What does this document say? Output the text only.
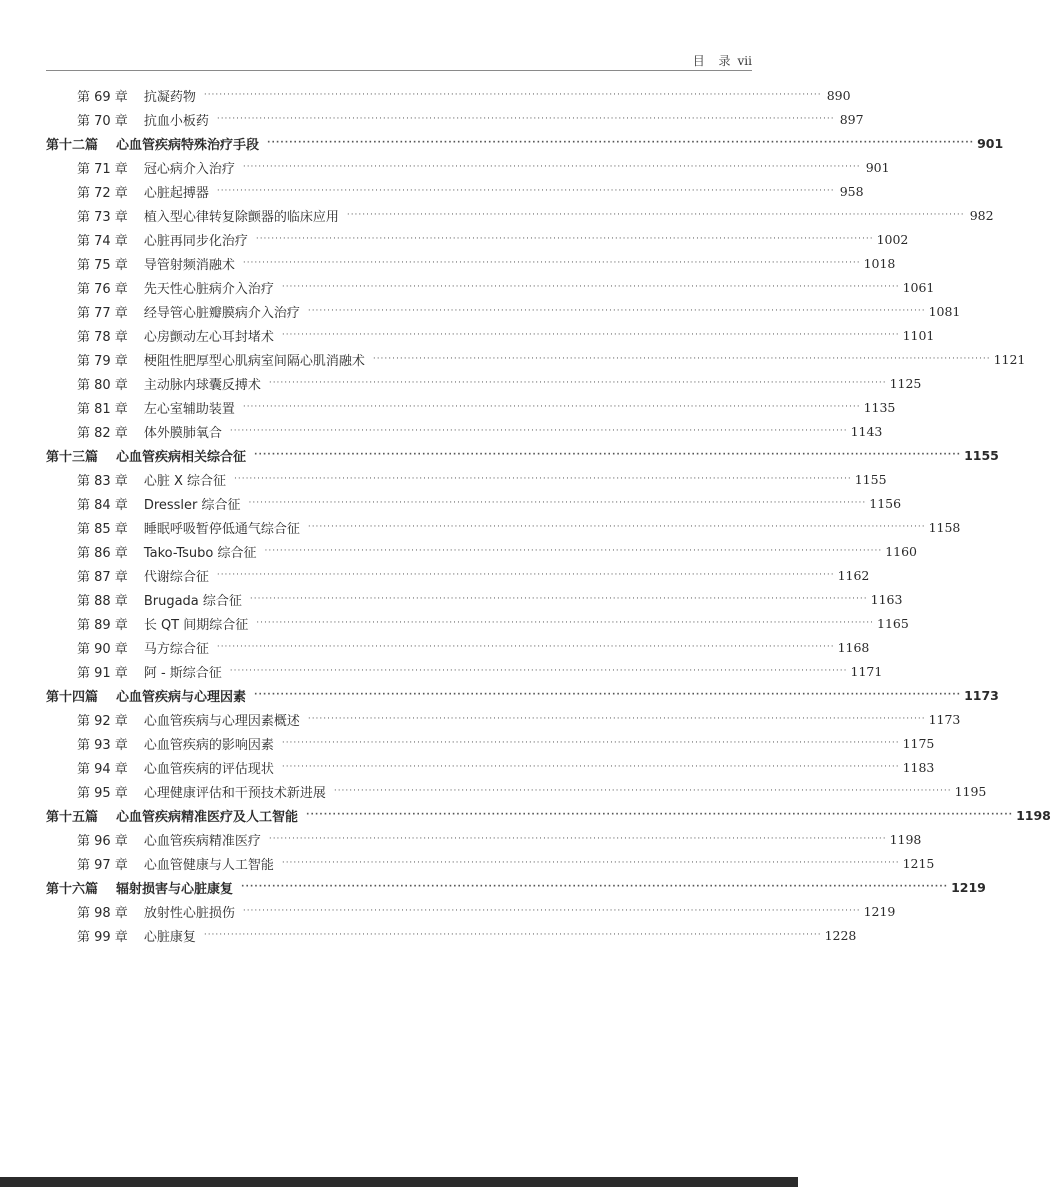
目 录 vii
第 69 章 抗凝药物 ································································································································································ 890
第 70 章 抗血小板药 ································································································································································ 897
第十二篇 心血管疾病特殊治疗手段 ································································································································································ 901
第 71 章 冠心病介入治疗 ································································································································································ 901
第 72 章 心脏起搏器 ································································································································································ 958
第 73 章 植入型心律转复除颤器的临床应用 ································································································································································ 982
第 74 章 心脏再同步化治疗 ································································································································································ 1002
第 75 章 导管射频消融术 ································································································································································ 1018
第 76 章 先天性心脏病介入治疗 ································································································································································ 1061
第 77 章 经导管心脏瓣膜病介入治疗 ································································································································································ 1081
第 78 章 心房颤动左心耳封堵术 ································································································································································ 1101
第 79 章 梗阻性肥厚型心肌病室间隔心肌消融术 ································································································································································ 1121
第 80 章 主动脉内球囊反搏术 ································································································································································ 1125
第 81 章 左心室辅助装置 ································································································································································ 1135
第 82 章 体外膜肺氧合 ································································································································································ 1143
第十三篇 心血管疾病相关综合征 ································································································································································ 1155
第 83 章 心脏 X 综合征 ································································································································································ 1155
第 84 章 Dressler 综合征 ································································································································································ 1156
第 85 章 睡眠呼吸暂停低通气综合征 ································································································································································ 1158
第 86 章 Tako-Tsubo 综合征 ································································································································································ 1160
第 87 章 代谢综合征 ································································································································································ 1162
第 88 章 Brugada 综合征 ································································································································································ 1163
第 89 章 长 QT 间期综合征 ································································································································································ 1165
第 90 章 马方综合征 ································································································································································ 1168
第 91 章 阿 - 斯综合征 ································································································································································ 1171
第十四篇 心血管疾病与心理因素 ································································································································································ 1173
第 92 章 心血管疾病与心理因素概述 ································································································································································ 1173
第 93 章 心血管疾病的影响因素 ································································································································································ 1175
第 94 章 心血管疾病的评估现状 ································································································································································ 1183
第 95 章 心理健康评估和干预技术新进展 ································································································································································ 1195
第十五篇 心血管疾病精准医疗及人工智能 ································································································································································ 1198
第 96 章 心血管疾病精准医疗 ································································································································································ 1198
第 97 章 心血管健康与人工智能 ································································································································································ 1215
第十六篇 辐射损害与心脏康复 ································································································································································ 1219
第 98 章 放射性心脏损伤 ································································································································································ 1219
第 99 章 心脏康复 ································································································································································ 1228
